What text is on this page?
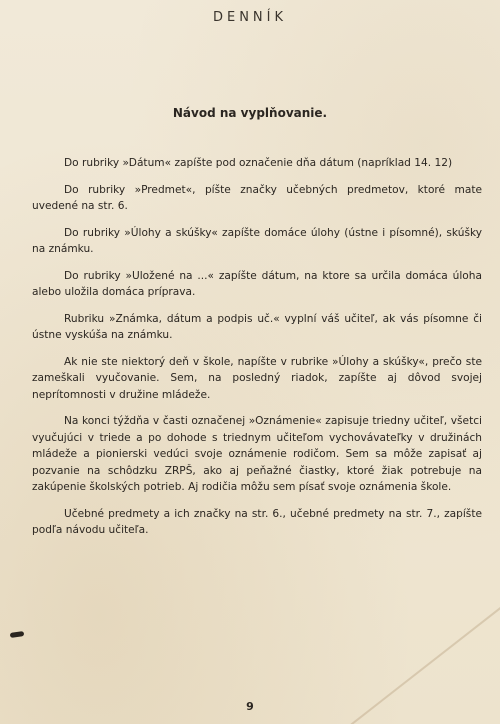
DENNÍK
Návod na vyplňovanie.

Do rubriky »Dátum« zapíšte pod označenie dňa dátum (napríklad 14. 12)

Do rubriky »Predmet«, píšte značky učebných predmetov, ktoré mate uvedené na str. 6.

Do rubriky »Úlohy a skúšky« zapíšte domáce úlohy (ústne i písomné), skúšky na známku.

Do rubriky »Uložené na ...« zapíšte dátum, na ktore sa určila domáca úloha alebo uložila domáca príprava.

Rubriku »Známka, dátum a podpis uč.« vyplní váš učiteľ, ak vás písomne či ústne vyskúša na známku.

Ak nie ste niektorý deň v škole, napíšte v rubrike »Úlohy a skúšky«, prečo ste zameškali vyučovanie. Sem, na posledný riadok, zapíšte aj dôvod svojej neprítomnosti v družine mládeže.

Na konci týždňa v časti označenej »Oznámenie« zapisuje triedny učiteľ, všetci vyučujúci v triede a po dohode s triednym učiteľom vychovávateľky v družinách mládeže a pionierski vedúci svoje oznámenie rodičom. Sem sa môže zapisať aj pozvanie na schôdzku ZRPŠ, ako aj peňažné čiastky, ktoré žiak potrebuje na zakúpenie školských potrieb. Aj rodičia môžu sem písať svoje oznámenia škole.

Učebné predmety a ich značky na str. 6., učebné predmety na str. 7., zapíšte podľa návodu učiteľa.

9
